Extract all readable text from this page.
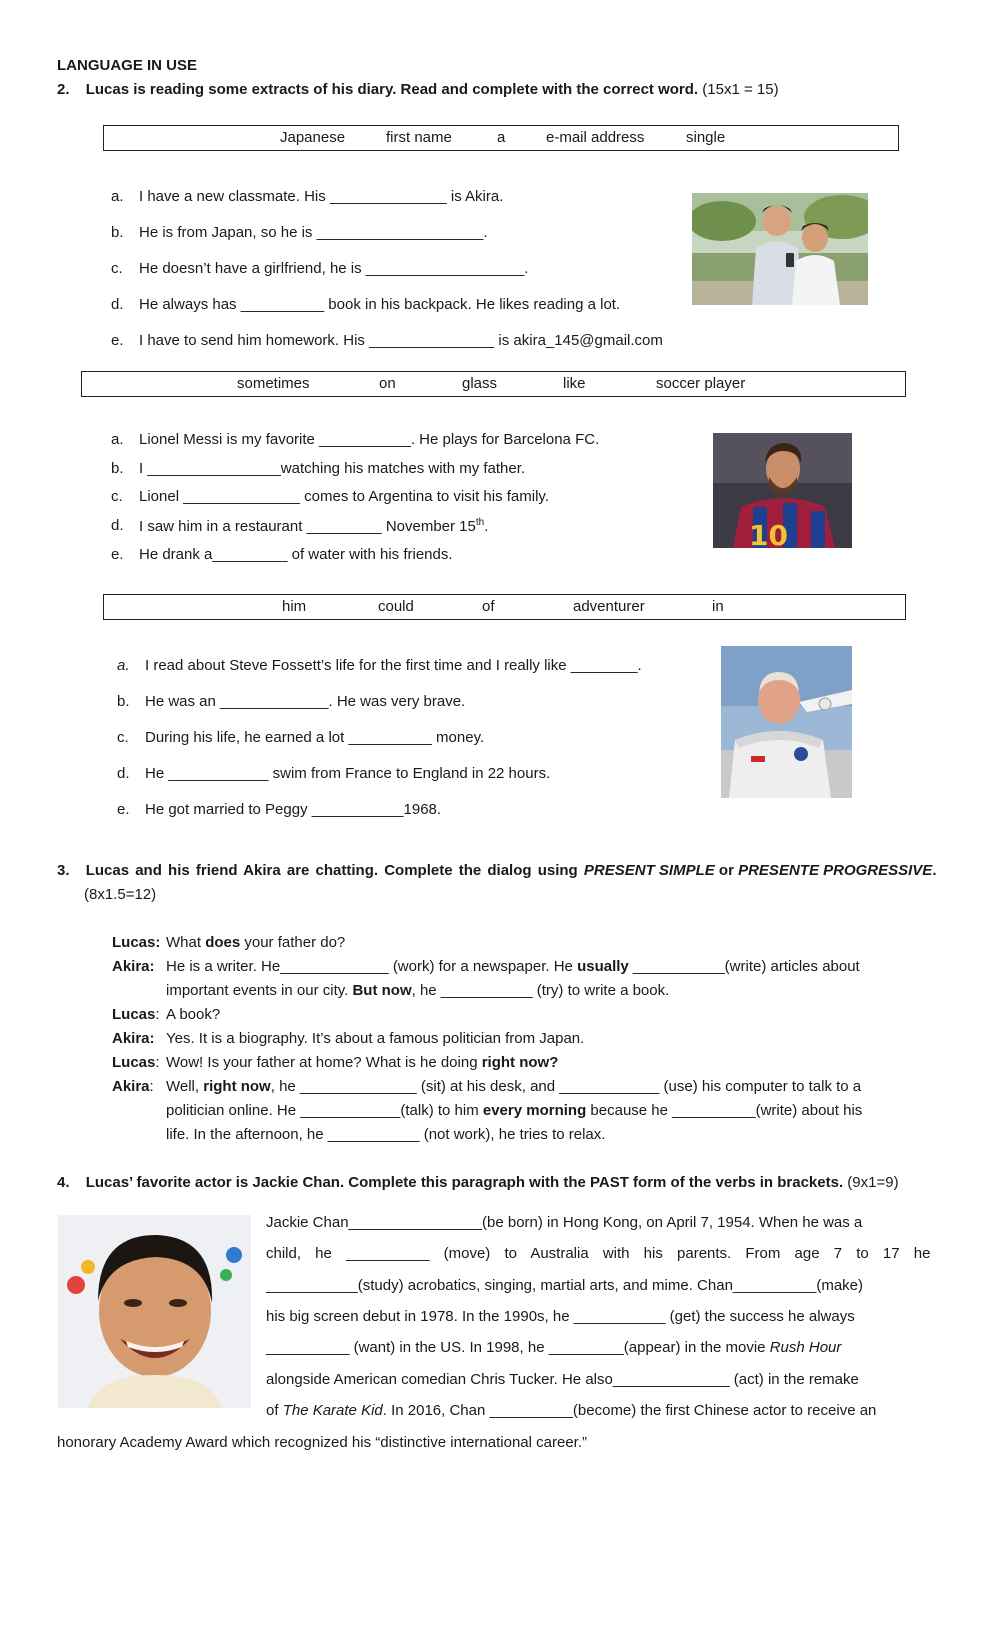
LANGUAGE IN USE
2. Lucas is reading some extracts of his diary. Read and complete with the correct word. (15x1 = 15)
Japanese	first name	a	e-mail address	single
a. I have a new classmate. His ______________ is Akira.
b. He is from Japan, so he is ____________________.
c. He doesn’t have a girlfriend, he is ___________________.
d. He always has __________ book in his backpack. He likes reading a lot.
e. I have to send him homework. His _______________ is akira_145@gmail.com
sometimes	on	glass	like	soccer player
a. Lionel Messi is my favorite ___________. He plays for Barcelona FC.
b. I ________________watching his matches with my father.
c. Lionel ______________ comes to Argentina to visit his family.
d. I saw him in a restaurant _________ November 15th.
e. He drank a_________ of water with his friends.
10
him	could	of	adventurer	in
a. I read about Steve Fossett’s life for the first time and I really like ________.
b. He was an _____________. He was very brave.
c. During his life, he earned a lot __________ money.
d. He ____________ swim from France to England in 22 hours.
e. He got married to Peggy ___________1968.
3. Lucas and his friend Akira are chatting. Complete the dialog using PRESENT SIMPLE or PRESENTE PROGRESSIVE.
(8x1.5=12)
Lucas: What does your father do?
Akira: He is a writer. He_____________ (work) for a newspaper. He usually ___________(write) articles about
important events in our city. But now, he ___________ (try) to write a book.
Lucas: A book?
Akira: Yes. It is a biography. It’s about a famous politician from Japan.
Lucas: Wow! Is your father at home? What is he doing right now?
Akira: Well, right now, he ______________ (sit) at his desk, and ____________ (use) his computer to talk to a
politician online. He ____________(talk) to him every morning because he __________(write) about his
life. In the afternoon, he ___________ (not work), he tries to relax.
4. Lucas’ favorite actor is Jackie Chan. Complete this paragraph with the PAST form of the verbs in brackets. (9x1=9)
Jackie Chan________________(be born) in Hong Kong, on April 7, 1954. When he was a
child, he __________ (move) to Australia with his parents. From age 7 to 17 he
___________(study) acrobatics, singing, martial arts, and mime. Chan__________(make)
his big screen debut in 1978. In the 1990s, he ___________ (get) the success he always
__________ (want) in the US. In 1998, he _________(appear) in the movie Rush Hour
alongside American comedian Chris Tucker. He also______________ (act) in the remake
of The Karate Kid. In 2016, Chan __________(become) the first Chinese actor to receive an
honorary Academy Award which recognized his “distinctive international career.”
